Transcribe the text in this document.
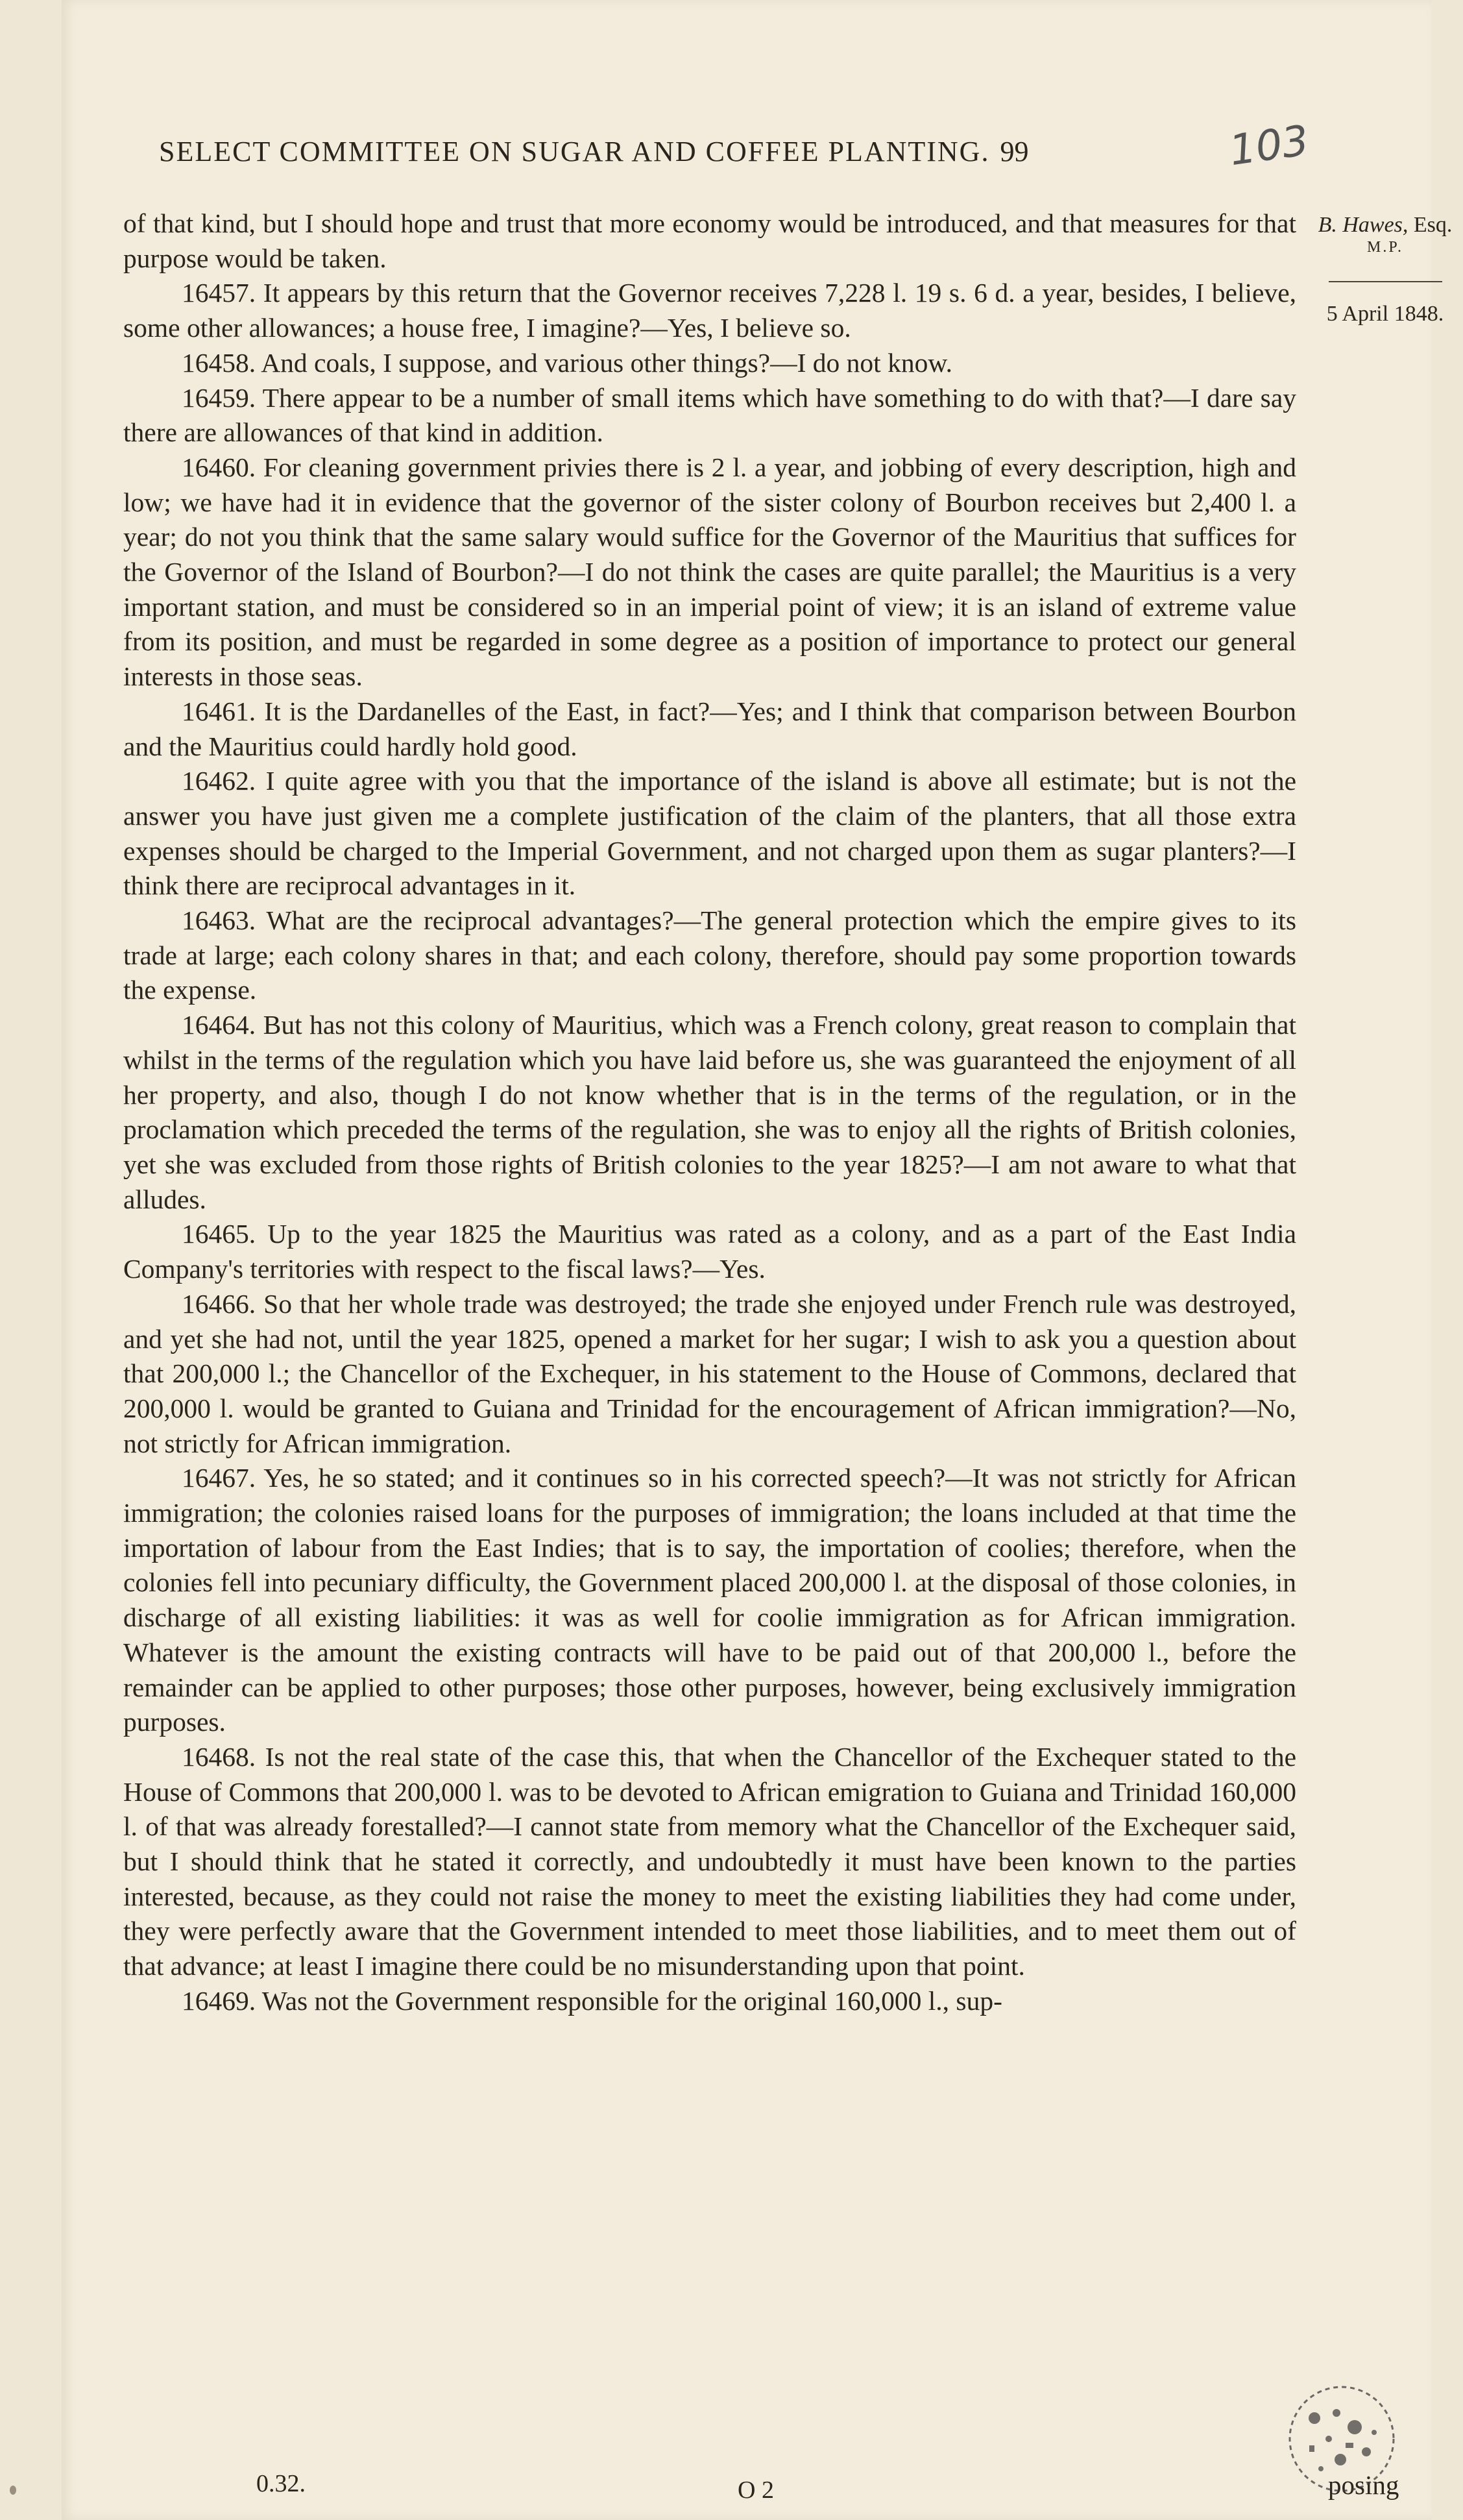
SELECT COMMITTEE ON SUGAR AND COFFEE PLANTING. 99	103

of that kind, but I should hope and trust that more economy would be introduced, and that measures for that purpose would be taken.

16457. It appears by this return that the Governor receives 7,228 l. 19 s. 6 d. a year, besides, I believe, some other allowances; a house free, I imagine?—Yes, I believe so.

16458. And coals, I suppose, and various other things?—I do not know.

16459. There appear to be a number of small items which have something to do with that?—I dare say there are allowances of that kind in addition.

16460. For cleaning government privies there is 2 l. a year, and jobbing of every description, high and low; we have had it in evidence that the governor of the sister colony of Bourbon receives but 2,400 l. a year; do not you think that the same salary would suffice for the Governor of the Mauritius that suffices for the Governor of the Island of Bourbon?—I do not think the cases are quite parallel; the Mauritius is a very important station, and must be considered so in an imperial point of view; it is an island of extreme value from its position, and must be regarded in some degree as a position of importance to protect our general interests in those seas.

16461. It is the Dardanelles of the East, in fact?—Yes; and I think that comparison between Bourbon and the Mauritius could hardly hold good.

16462. I quite agree with you that the importance of the island is above all estimate; but is not the answer you have just given me a complete justification of the claim of the planters, that all those extra expenses should be charged to the Imperial Government, and not charged upon them as sugar planters?—I think there are reciprocal advantages in it.

16463. What are the reciprocal advantages?—The general protection which the empire gives to its trade at large; each colony shares in that; and each colony, therefore, should pay some proportion towards the expense.

16464. But has not this colony of Mauritius, which was a French colony, great reason to complain that whilst in the terms of the regulation which you have laid before us, she was guaranteed the enjoyment of all her property, and also, though I do not know whether that is in the terms of the regulation, or in the proclamation which preceded the terms of the regulation, she was to enjoy all the rights of British colonies, yet she was excluded from those rights of British colonies to the year 1825?—I am not aware to what that alludes.

16465. Up to the year 1825 the Mauritius was rated as a colony, and as a part of the East India Company's territories with respect to the fiscal laws?—Yes.

16466. So that her whole trade was destroyed; the trade she enjoyed under French rule was destroyed, and yet she had not, until the year 1825, opened a market for her sugar; I wish to ask you a question about that 200,000 l.; the Chancellor of the Exchequer, in his statement to the House of Commons, declared that 200,000 l. would be granted to Guiana and Trinidad for the encouragement of African immigration?—No, not strictly for African immigration.

16467. Yes, he so stated; and it continues so in his corrected speech?—It was not strictly for African immigration; the colonies raised loans for the purposes of immigration; the loans included at that time the importation of labour from the East Indies; that is to say, the importation of coolies; therefore, when the colonies fell into pecuniary difficulty, the Government placed 200,000 l. at the disposal of those colonies, in discharge of all existing liabilities: it was as well for coolie immigration as for African immigration. Whatever is the amount the existing contracts will have to be paid out of that 200,000 l., before the remainder can be applied to other purposes; those other purposes, however, being exclusively immigration purposes.

16468. Is not the real state of the case this, that when the Chancellor of the Exchequer stated to the House of Commons that 200,000 l. was to be devoted to African emigration to Guiana and Trinidad 160,000 l. of that was already forestalled?—I cannot state from memory what the Chancellor of the Exchequer said, but I should think that he stated it correctly, and undoubtedly it must have been known to the parties interested, because, as they could not raise the money to meet the existing liabilities they had come under, they were perfectly aware that the Government intended to meet those liabilities, and to meet them out of that advance; at least I imagine there could be no misunderstanding upon that point.

16469. Was not the Government responsible for the original 160,000 l., sup-

B. Hawes, Esq.
M.P.
5 April 1848.
0.32.	O 2	posing
